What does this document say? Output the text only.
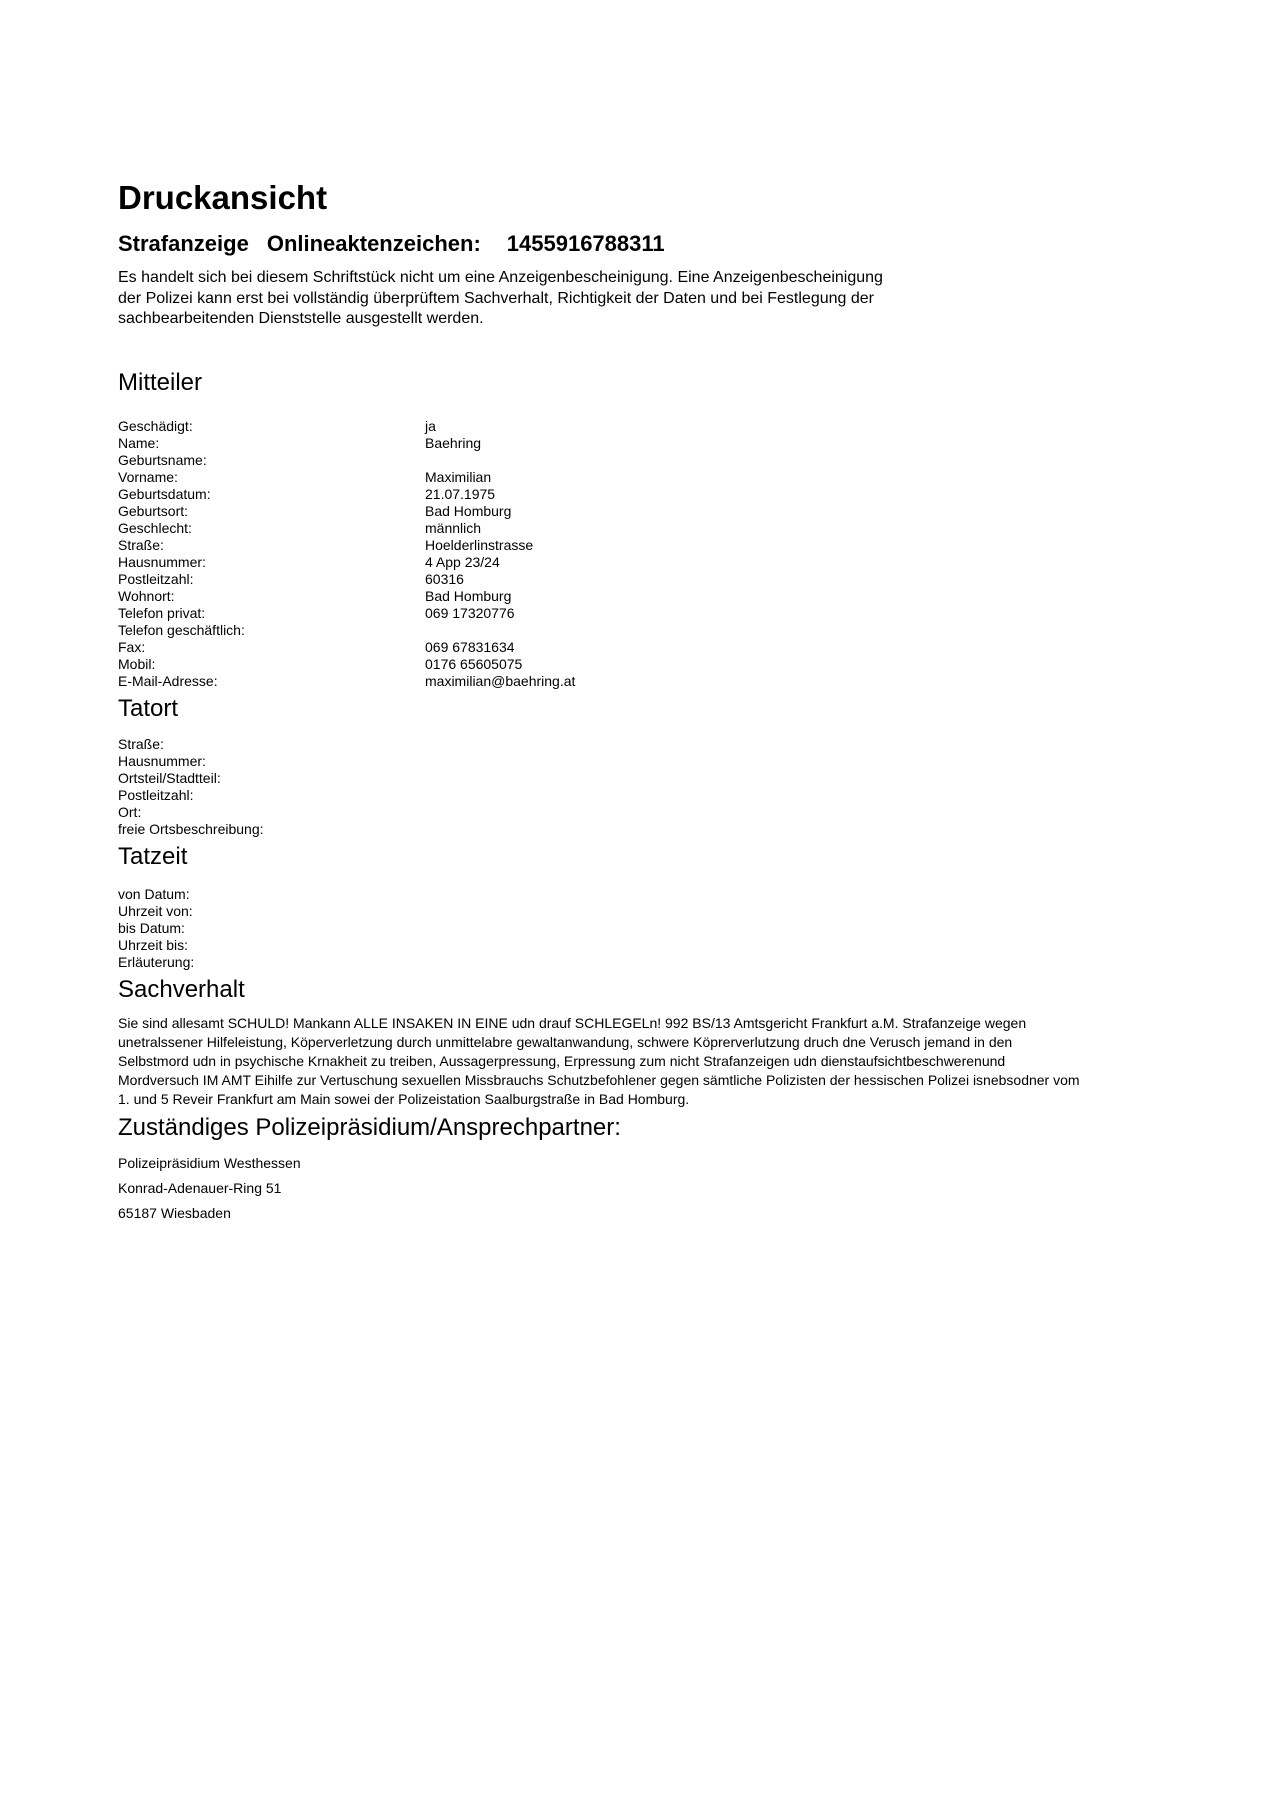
Druckansicht
Strafanzeige Onlineaktenzeichen: 1455916788311
Es handelt sich bei diesem Schriftstück nicht um eine Anzeigenbescheinigung. Eine Anzeigenbescheinigung
der Polizei kann erst bei vollständig überprüftem Sachverhalt, Richtigkeit der Daten und bei Festlegung der
sachbearbeitenden Dienststelle ausgestellt werden.
Mitteiler
Geschädigt:	ja
Name:	Baehring
Geburtsname:
Vorname:	Maximilian
Geburtsdatum:	21.07.1975
Geburtsort:	Bad Homburg
Geschlecht:	männlich
Straße:	Hoelderlinstrasse
Hausnummer:	4 App 23/24
Postleitzahl:	60316
Wohnort:	Bad Homburg
Telefon privat:	069 17320776
Telefon geschäftlich:
Fax:	069 67831634
Mobil:	0176 65605075
E-Mail-Adresse:	maximilian@baehring.at
Tatort
Straße:
Hausnummer:
Ortsteil/Stadtteil:
Postleitzahl:
Ort:
freie Ortsbeschreibung:
Tatzeit
von Datum:
Uhrzeit von:
bis Datum:
Uhrzeit bis:
Erläuterung:
Sachverhalt
Sie sind allesamt SCHULD! Mankann ALLE INSAKEN IN EINE udn drauf SCHLEGELn! 992 BS/13 Amtsgericht Frankfurt a.M. Strafanzeige wegen
unetralssener Hilfeleistung, Köperverletzung durch unmittelabre gewaltanwandung, schwere Köprerverlutzung druch dne Verusch jemand in den
Selbstmord udn in psychische Krnakheit zu treiben, Aussagerpressung, Erpressung zum nicht Strafanzeigen udn dienstaufsichtbeschwerenund
Mordversuch IM AMT Eihilfe zur Vertuschung sexuellen Missbrauchs Schutzbefohlener gegen sämtliche Polizisten der hessischen Polizei isnebsodner vom
1. und 5 Reveir Frankfurt am Main sowei der Polizeistation Saalburgstraße in Bad Homburg.
Zuständiges Polizeipräsidium/Ansprechpartner:

Polizeipräsidium Westhessen

Konrad-Adenauer-Ring 51

65187 Wiesbaden
